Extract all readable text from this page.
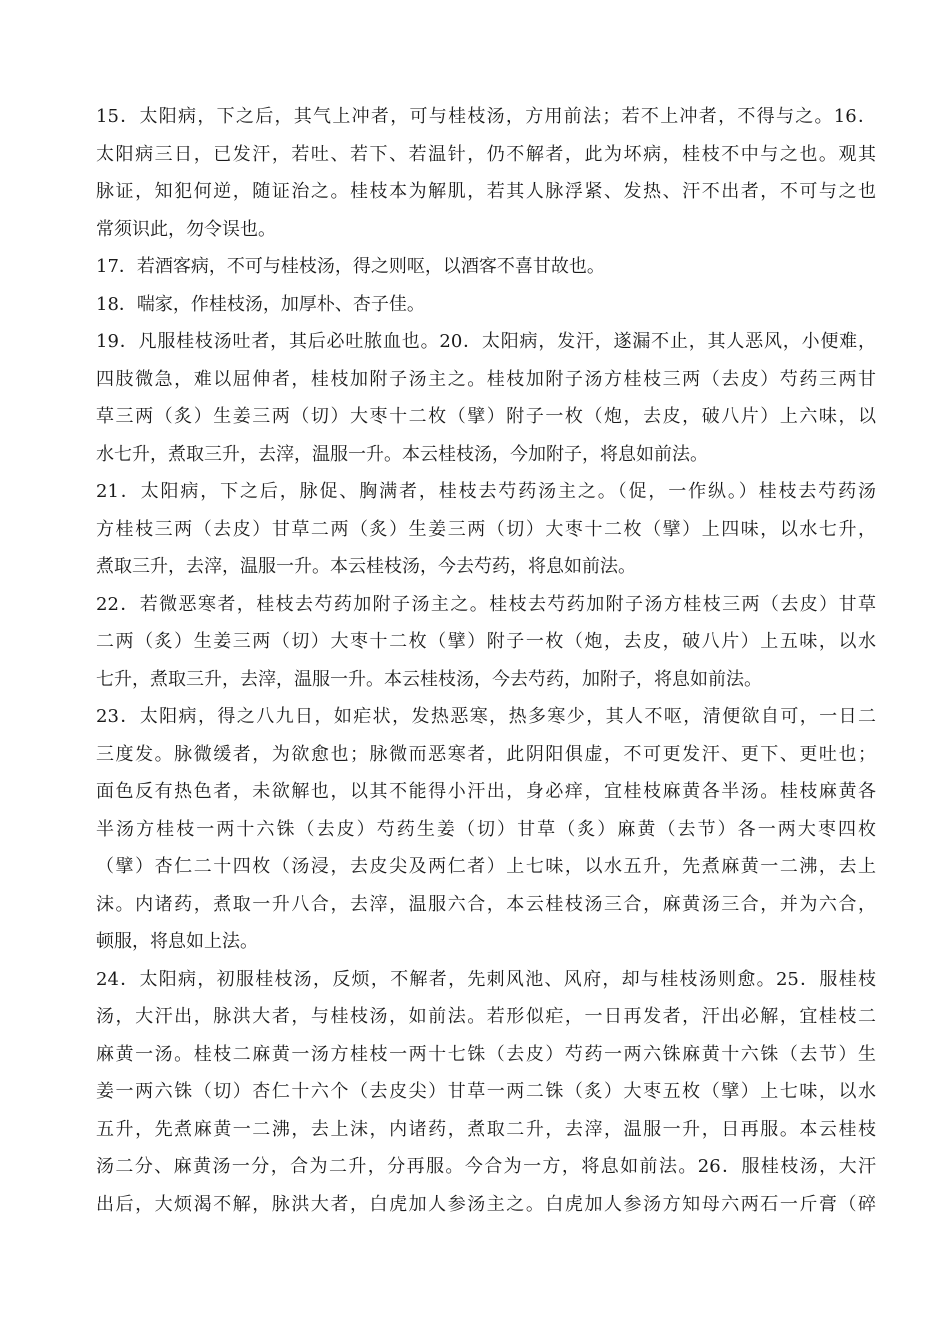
15．太阳病，下之后，其气上冲者，可与桂枝汤，方用前法；若不上冲者，不得与之。16．
太阳病三日，已发汗，若吐、若下、若温针，仍不解者，此为坏病，桂枝不中与之也。观其
脉证，知犯何逆，随证治之。桂枝本为解肌，若其人脉浮紧、发热、汗不出者，不可与之也
常须识此，勿令误也。
17．若酒客病，不可与桂枝汤，得之则呕，以酒客不喜甘故也。
18．喘家，作桂枝汤，加厚朴、杏子佳。
19．凡服桂枝汤吐者，其后必吐脓血也。20．太阳病，发汗，遂漏不止，其人恶风，小便难，
四肢微急，难以屈伸者，桂枝加附子汤主之。桂枝加附子汤方桂枝三两（去皮）芍药三两甘
草三两（炙）生姜三两（切）大枣十二枚（擘）附子一枚（炮，去皮，破八片）上六味，以
水七升，煮取三升，去滓，温服一升。本云桂枝汤，今加附子，将息如前法。
21．太阳病，下之后，脉促、胸满者，桂枝去芍药汤主之。（促，一作纵。）桂枝去芍药汤
方桂枝三两（去皮）甘草二两（炙）生姜三两（切）大枣十二枚（擘）上四味，以水七升，
煮取三升，去滓，温服一升。本云桂枝汤，今去芍药，将息如前法。
22．若微恶寒者，桂枝去芍药加附子汤主之。桂枝去芍药加附子汤方桂枝三两（去皮）甘草
二两（炙）生姜三两（切）大枣十二枚（擘）附子一枚（炮，去皮，破八片）上五味，以水
七升，煮取三升，去滓，温服一升。本云桂枝汤，今去芍药，加附子，将息如前法。
23．太阳病，得之八九日，如疟状，发热恶寒，热多寒少，其人不呕，清便欲自可，一日二
三度发。脉微缓者，为欲愈也；脉微而恶寒者，此阴阳俱虚，不可更发汗、更下、更吐也；
面色反有热色者，未欲解也，以其不能得小汗出，身必痒，宜桂枝麻黄各半汤。桂枝麻黄各
半汤方桂枝一两十六铢（去皮）芍药生姜（切）甘草（炙）麻黄（去节）各一两大枣四枚
（擘）杏仁二十四枚（汤浸，去皮尖及两仁者）上七味，以水五升，先煮麻黄一二沸，去上
沫。内诸药，煮取一升八合，去滓，温服六合，本云桂枝汤三合，麻黄汤三合，并为六合，
顿服，将息如上法。
24．太阳病，初服桂枝汤，反烦，不解者，先刺风池、风府，却与桂枝汤则愈。25．服桂枝
汤，大汗出，脉洪大者，与桂枝汤，如前法。若形似疟，一日再发者，汗出必解，宜桂枝二
麻黄一汤。桂枝二麻黄一汤方桂枝一两十七铢（去皮）芍药一两六铢麻黄十六铢（去节）生
姜一两六铢（切）杏仁十六个（去皮尖）甘草一两二铢（炙）大枣五枚（擘）上七味，以水
五升，先煮麻黄一二沸，去上沫，内诸药，煮取二升，去滓，温服一升，日再服。本云桂枝
汤二分、麻黄汤一分，合为二升，分再服。今合为一方，将息如前法。26．服桂枝汤，大汗
出后，大烦渴不解，脉洪大者，白虎加人参汤主之。白虎加人参汤方知母六两石一斤膏（碎
